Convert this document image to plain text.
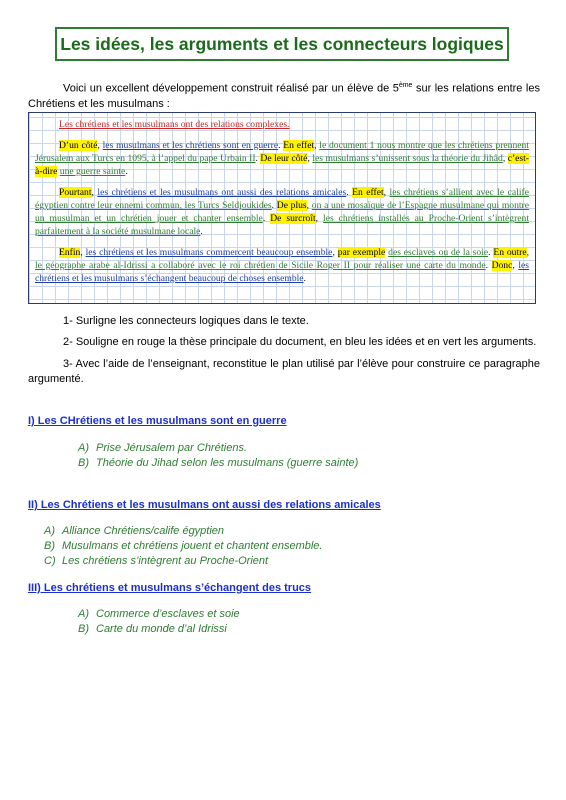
Les idées, les arguments et les connecteurs logiques
Voici un excellent développement construit réalisé par un élève de 5ème sur les relations entre les Chrétiens et les musulmans :

Les chrétiens et les musulmans ont des relations complexes.

D’un côté, les musulmans et les chrétiens sont en guerre. En effet, le document 1 nous montre que les chrétiens prennent Jérusalem aux Turcs en 1095, à l’appel du pape Urbain II. De leur côté, les musulmans s’unissent sous la théorie du Jihâd, c’est-à-dire une guerre sainte.

Pourtant, les chrétiens et les musulmans ont aussi des relations amicales. En effet, les chrétiens s’allient avec le calife égyptien contre leur ennemi commun, les Turcs Seldjoukides. De plus, on a une mosaïque de l’Espagne musulmane qui montre un musulman et un chrétien jouer et chanter ensemble. De surcroît, les chrétiens installés au Proche-Orient s’intègrent parfaitement à la société musulmane locale.

Enfin, les chrétiens et les musulmans commercent beaucoup ensemble, par exemple des esclaves ou de la soie. En outre, le géographe arabe al-Idrissi a collaboré avec le roi chrétien de Sicile Roger II pour réaliser une carte du monde. Donc, les chrétiens et les musulmans s’échangent beaucoup de choses ensemble.

1- Surligne les connecteurs logiques dans le texte.
2- Souligne en rouge la thèse principale du document, en bleu les idées et en vert les arguments.
3- Avec l’aide de l’enseignant, reconstitue le plan utilisé par l’élève pour construire ce paragraphe argumenté.
I) Les CHrétiens et les musulmans sont en guerre
A) Prise Jérusalem par Chrétiens.
B) Théorie du Jihad selon les musulmans (guerre sainte)
II) Les Chrétiens et les musulmans ont aussi des relations amicales
A) Alliance Chrétiens/calife égyptien
B) Musulmans et chrétiens jouent et chantent ensemble.
C) Les chrétiens s’intègrent au Proche-Orient
III) Les chrétiens et musulmans s’échangent des trucs
A) Commerce d’esclaves et soie
B) Carte du monde d’al Idrissi
